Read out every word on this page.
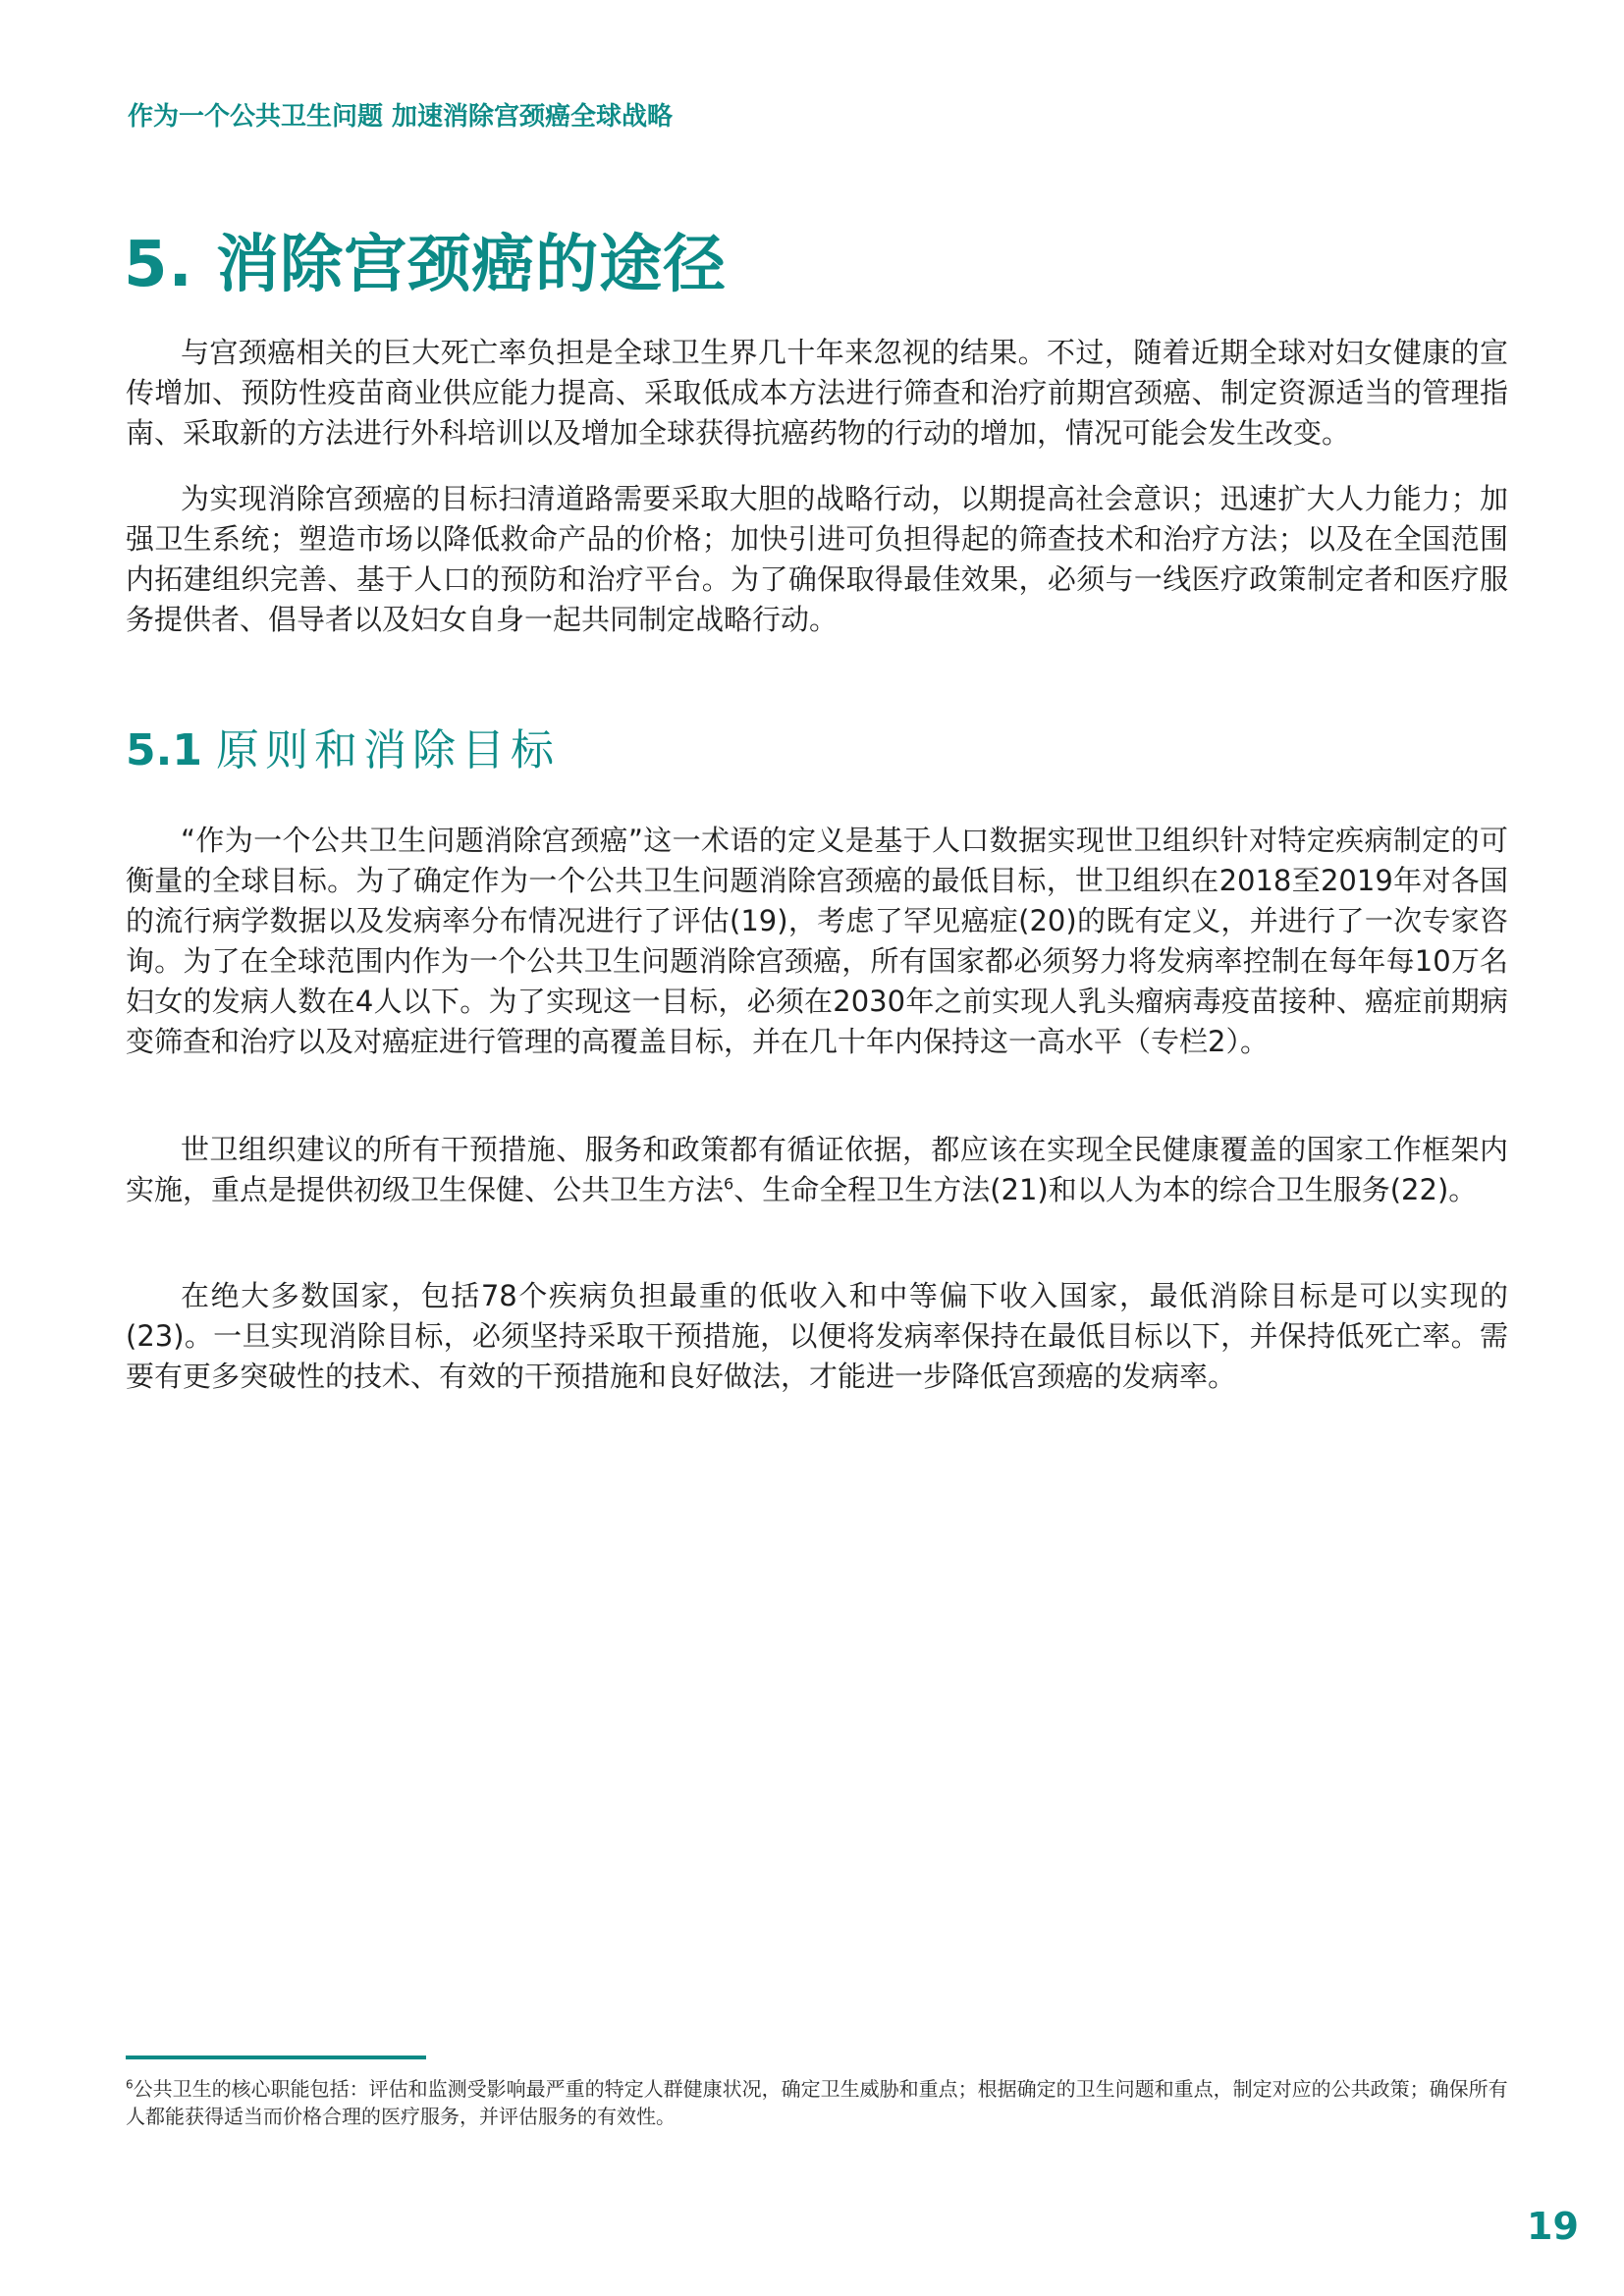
作为一个公共卫生问题 加速消除宫颈癌全球战略
5. 消除宫颈癌的途径

与宫颈癌相关的巨大死亡率负担是全球卫生界几十年来忽视的结果。不过，随着近期全球对妇女健康的宣传增加、预防性疫苗商业供应能力提高、采取低成本方法进行筛查和治疗前期宫颈癌、制定资源适当的管理指南、采取新的方法进行外科培训以及增加全球获得抗癌药物的行动的增加，情况可能会发生改变。

为实现消除宫颈癌的目标扫清道路需要采取大胆的战略行动，以期提高社会意识；迅速扩大人力能力；加强卫生系统；塑造市场以降低救命产品的价格；加快引进可负担得起的筛查技术和治疗方法；以及在全国范围内拓建组织完善、基于人口的预防和治疗平台。为了确保取得最佳效果，必须与一线医疗政策制定者和医疗服务提供者、倡导者以及妇女自身一起共同制定战略行动。

5.1 原则和消除目标

“作为一个公共卫生问题消除宫颈癌”这一术语的定义是基于人口数据实现世卫组织针对特定疾病制定的可衡量的全球目标。为了确定作为一个公共卫生问题消除宫颈癌的最低目标，世卫组织在2018至2019年对各国的流行病学数据以及发病率分布情况进行了评估(19)，考虑了罕见癌症(20)的既有定义，并进行了一次专家咨询。为了在全球范围内作为一个公共卫生问题消除宫颈癌，所有国家都必须努力将发病率控制在每年每10万名妇女的发病人数在4人以下。为了实现这一目标，必须在2030年之前实现人乳头瘤病毒疫苗接种、癌症前期病变筛查和治疗以及对癌症进行管理的高覆盖目标，并在几十年内保持这一高水平（专栏2）。

世卫组织建议的所有干预措施、服务和政策都有循证依据，都应该在实现全民健康覆盖的国家工作框架内实施，重点是提供初级卫生保健、公共卫生方法$^6$、生命全程卫生方法(21)和以人为本的综合卫生服务(22)。

在绝大多数国家，包括78个疾病负担最重的低收入和中等偏下收入国家，最低消除目标是可以实现的(23)。一旦实现消除目标，必须坚持采取干预措施，以便将发病率保持在最低目标以下，并保持低死亡率。需要有更多突破性的技术、有效的干预措施和良好做法，才能进一步降低宫颈癌的发病率。

$^6$公共卫生的核心职能包括：评估和监测受影响最严重的特定人群健康状况，确定卫生威胁和重点；根据确定的卫生问题和重点，制定对应的公共政策；确保所有人都能获得适当而价格合理的医疗服务，并评估服务的有效性。

19
